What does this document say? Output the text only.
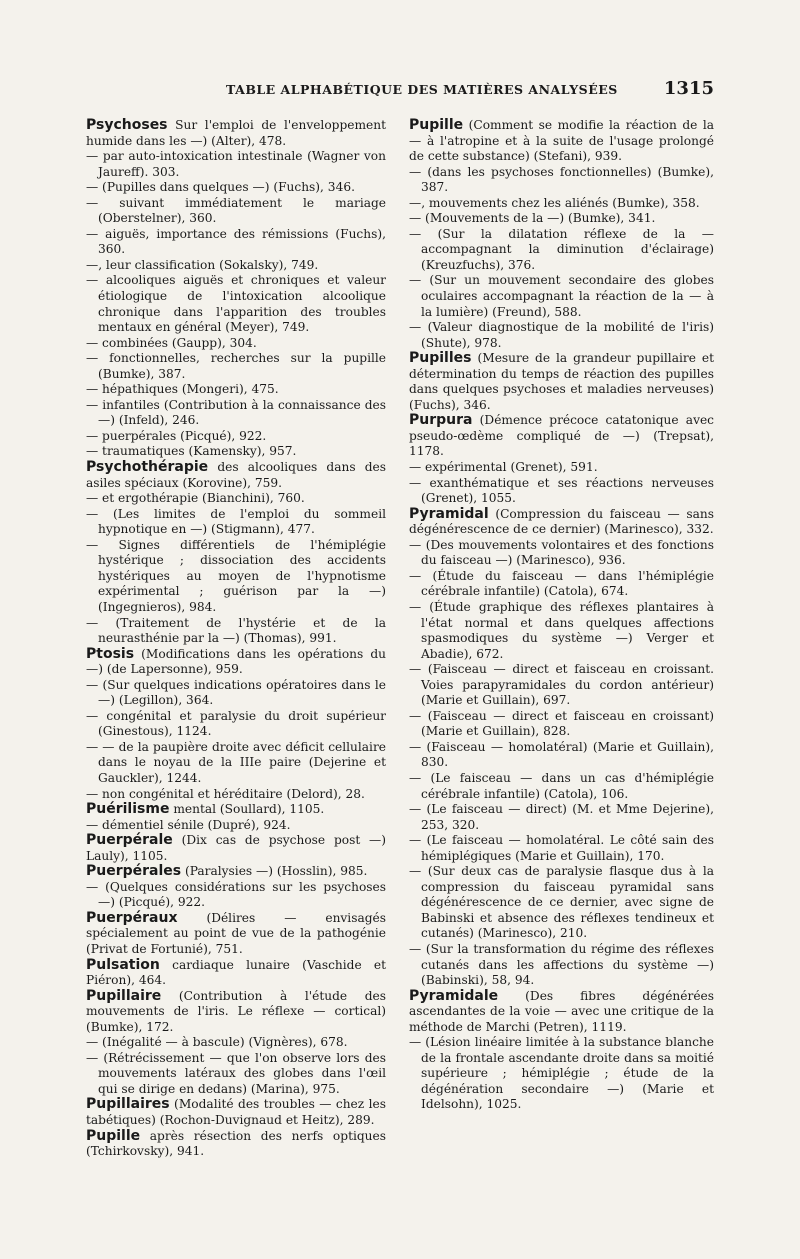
TABLE ALPHABÉTIQUE DES MATIÈRES ANALYSÉES	1315

Psychoses Sur l'emploi de l'enveloppement humide dans les —) (Alter), 478.

— par auto-intoxication intestinale (Wagner von Jaureff). 303.

— (Pupilles dans quelques —) (Fuchs), 346.

— suivant immédiatement le mariage (Oberstelner), 360.

— aiguës, importance des rémissions (Fuchs), 360.

—, leur classification (Sokalsky), 749.

— alcooliques aiguës et chroniques et valeur étiologique de l'intoxication alcoolique chronique dans l'apparition des troubles mentaux en général (Meyer), 749.

— combinées (Gaupp), 304.

— fonctionnelles, recherches sur la pupille (Bumke), 387.

— hépathiques (Mongeri), 475.

— infantiles (Contribution à la connaissance des —) (Infeld), 246.

— puerpérales (Picqué), 922.

— traumatiques (Kamensky), 957.

Psychothérapie des alcooliques dans des asiles spéciaux (Korovine), 759.

— et ergothérapie (Bianchini), 760.

— (Les limites de l'emploi du sommeil hypnotique en —) (Stigmann), 477.

— Signes différentiels de l'hémiplégie hystérique ; dissociation des accidents hystériques au moyen de l'hypnotisme expérimental ; guérison par la —) (Ingegnieros), 984.

— (Traitement de l'hystérie et de la neurasthénie par la —) (Thomas), 991.

Ptosis (Modifications dans les opérations du —) (de Lapersonne), 959.

— (Sur quelques indications opératoires dans le —) (Legillon), 364.

— congénital et paralysie du droit supérieur (Ginestous), 1124.

— — de la paupière droite avec déficit cellulaire dans le noyau de la IIIe paire (Dejerine et Gauckler), 1244.

— non congénital et héréditaire (Delord), 28.

Puérilisme mental (Soullard), 1105.

— démentiel sénile (Dupré), 924.

Puerpérale (Dix cas de psychose post —) Lauly), 1105.

Puerpérales (Paralysies —) (Hosslin), 985.

— (Quelques considérations sur les psychoses —) (Picqué), 922.

Puerpéraux (Délires — envisagés spécialement au point de vue de la pathogénie (Privat de Fortunié), 751.

Pulsation cardiaque lunaire (Vaschide et Piéron), 464.

Pupillaire (Contribution à l'étude des mouvements de l'iris. Le réflexe — cortical) (Bumke), 172.

— (Inégalité — à bascule) (Vignères), 678.

— (Rétrécissement — que l'on observe lors des mouvements latéraux des globes dans l'œil qui se dirige en dedans) (Marina), 975.

Pupillaires (Modalité des troubles — chez les tabétiques) (Rochon-Duvignaud et Heitz), 289.

Pupille après résection des nerfs optiques (Tchirkovsky), 941.

Pupille (Comment se modifie la réaction de la — à l'atropine et à la suite de l'usage prolongé de cette substance) (Stefani), 939.

— (dans les psychoses fonctionnelles) (Bumke), 387.

—, mouvements chez les aliénés (Bumke), 358.

— (Mouvements de la —) (Bumke), 341.

— (Sur la dilatation réflexe de la — accompagnant la diminution d'éclairage) (Kreuzfuchs), 376.

— (Sur un mouvement secondaire des globes oculaires accompagnant la réaction de la — à la lumière) (Freund), 588.

— (Valeur diagnostique de la mobilité de l'iris) (Shute), 978.

Pupilles (Mesure de la grandeur pupillaire et détermination du temps de réaction des pupilles dans quelques psychoses et maladies nerveuses) (Fuchs), 346.

Purpura (Démence précoce catatonique avec pseudo-œdème compliqué de —) (Trepsat), 1178.

— expérimental (Grenet), 591.

— exanthématique et ses réactions nerveuses (Grenet), 1055.

Pyramidal (Compression du faisceau — sans dégénérescence de ce dernier) (Marinesco), 332.

— (Des mouvements volontaires et des fonctions du faisceau —) (Marinesco), 936.

— (Étude du faisceau — dans l'hémiplégie cérébrale infantile) (Catola), 674.

— (Étude graphique des réflexes plantaires à l'état normal et dans quelques affections spasmodiques du système —) Verger et Abadie), 672.

— (Faisceau — direct et faisceau en croissant. Voies parapyramidales du cordon antérieur) (Marie et Guillain), 697.

— (Faisceau — direct et faisceau en croissant) (Marie et Guillain), 828.

— (Faisceau — homolatéral) (Marie et Guillain), 830.

— (Le faisceau — dans un cas d'hémiplégie cérébrale infantile) (Catola), 106.

— (Le faisceau — direct) (M. et Mme Dejerine), 253, 320.

— (Le faisceau — homolatéral. Le côté sain des hémiplégiques (Marie et Guillain), 170.

— (Sur deux cas de paralysie flasque dus à la compression du faisceau pyramidal sans dégénérescence de ce dernier, avec signe de Babinski et absence des réflexes tendineux et cutanés) (Marinesco), 210.

— (Sur la transformation du régime des réflexes cutanés dans les affections du système —) (Babinski), 58, 94.

Pyramidale (Des fibres dégénérées ascendantes de la voie — avec une critique de la méthode de Marchi (Petren), 1119.

— (Lésion linéaire limitée à la substance blanche de la frontale ascendante droite dans sa moitié supérieure ; hémiplégie ; étude de la dégénération secondaire —) (Marie et Idelsohn), 1025.
